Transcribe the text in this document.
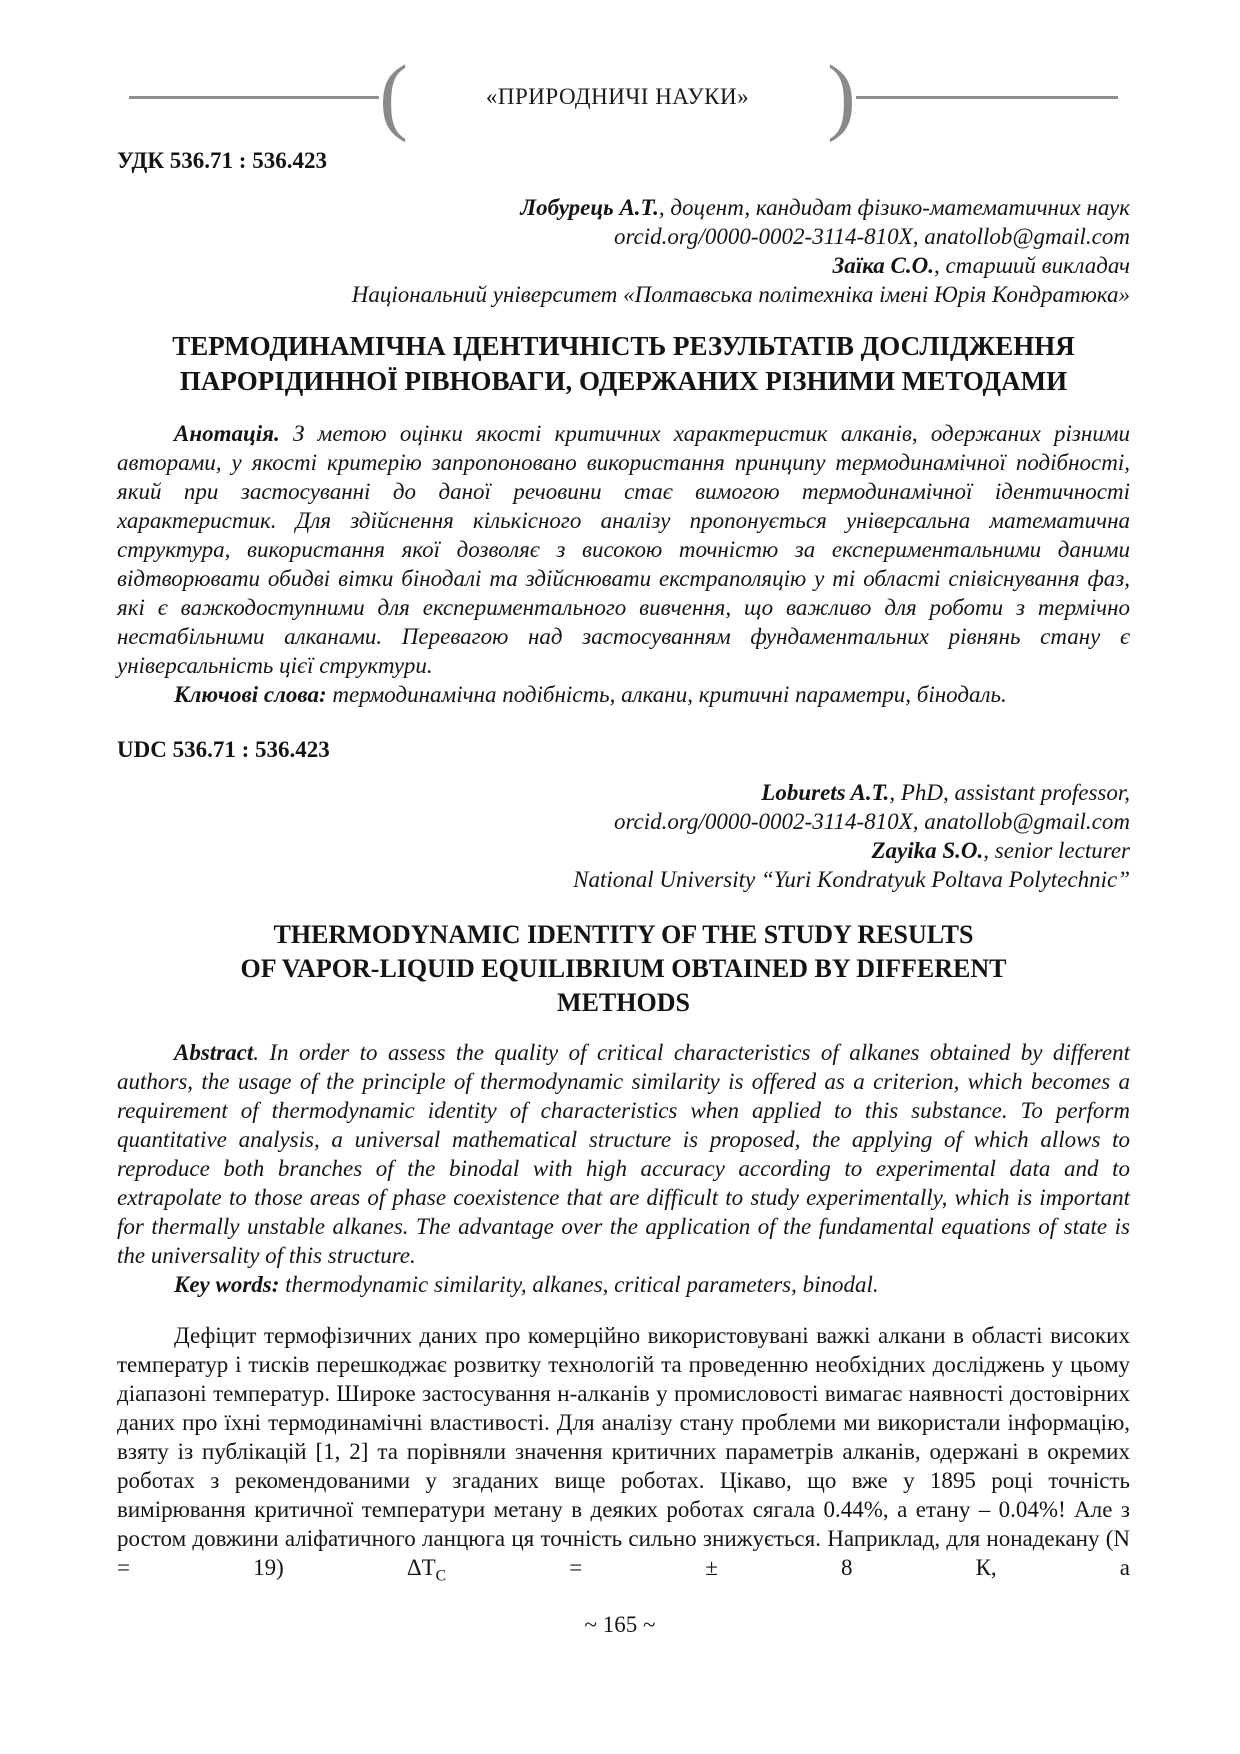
(	«ПРИРОДНИЧІ НАУКИ» )
УДК 536.71 : 536.423
Лобурець А.Т., доцент, кандидат фізико-математичних наук
orcid.org/0000-0002-3114-810X, anatollob@gmail.com
Заїка С.О., старший викладач
Національний університет «Полтавська політехніка імені Юрія Кондратюка»
ТЕРМОДИНАМІЧНА ІДЕНТИЧНІСТЬ РЕЗУЛЬТАТІВ ДОСЛІДЖЕННЯ
ПАРОРІДИННОЇ РІВНОВАГИ, ОДЕРЖАНИХ РІЗНИМИ МЕТОДАМИ
Анотація. З метою оцінки якості критичних характеристик алканів, одержаних різними авторами, у якості критерію запропоновано використання принципу термодинамічної подібності, який при застосуванні до даної речовини стає вимогою термодинамічної ідентичності характеристик. Для здійснення кількісного аналізу пропонується універсальна математична структура, використання якої дозволяє з високою точністю за експериментальними даними відтворювати обидві вітки бінодалі та здійснювати екстраполяцію у ті області співіснування фаз, які є важкодоступними для експериментального вивчення, що важливо для роботи з термічно нестабільними алканами. Перевагою над застосуванням фундаментальних рівнянь стану є універсальність цієї структури.
Ключові слова: термодинамічна подібність, алкани, критичні параметри, бінодаль.
UDC 536.71 : 536.423
Loburets A.T., PhD, assistant professor,
orcid.org/0000-0002-3114-810X, anatollob@gmail.com
Zayika S.O., senior lecturer
National University “Yuri Kondratyuk Poltava Polytechnic”
THERMODYNAMIC IDENTITY OF THE STUDY RESULTS
OF VAPOR-LIQUID EQUILIBRIUM OBTAINED BY DIFFERENT
METHODS
Abstract. In order to assess the quality of critical characteristics of alkanes obtained by different authors, the usage of the principle of thermodynamic similarity is offered as a criterion, which becomes a requirement of thermodynamic identity of characteristics when applied to this substance. To perform quantitative analysis, a universal mathematical structure is proposed, the applying of which allows to reproduce both branches of the binodal with high accuracy according to experimental data and to extrapolate to those areas of phase coexistence that are difficult to study experimentally, which is important for thermally unstable alkanes. The advantage over the application of the fundamental equations of state is the universality of this structure.
Key words: thermodynamic similarity, alkanes, critical parameters, binodal.
Дефіцит термофізичних даних про комерційно використовувані важкі алкани в області високих температур і тисків перешкоджає розвитку технологій та проведенню необхідних досліджень у цьому діапазоні температур. Широке застосування н-алканів у промисловості вимагає наявності достовірних даних про їхні термодинамічні властивості. Для аналізу стану проблеми ми використали інформацію, взяту із публікацій [1, 2] та порівняли значення критичних параметрів алканів, одержані в окремих роботах з рекомендованими у згаданих вище роботах. Цікаво, що вже у 1895 році точність вимірювання критичної температури метану в деяких роботах сягала 0.44%, а етану – 0.04%! Але з ростом довжини аліфатичного ланцюга ця точність сильно знижується. Наприклад, для нонадекану (N = 19) $\Delta T_C$ = ± 8 К, а
~ 165 ~
